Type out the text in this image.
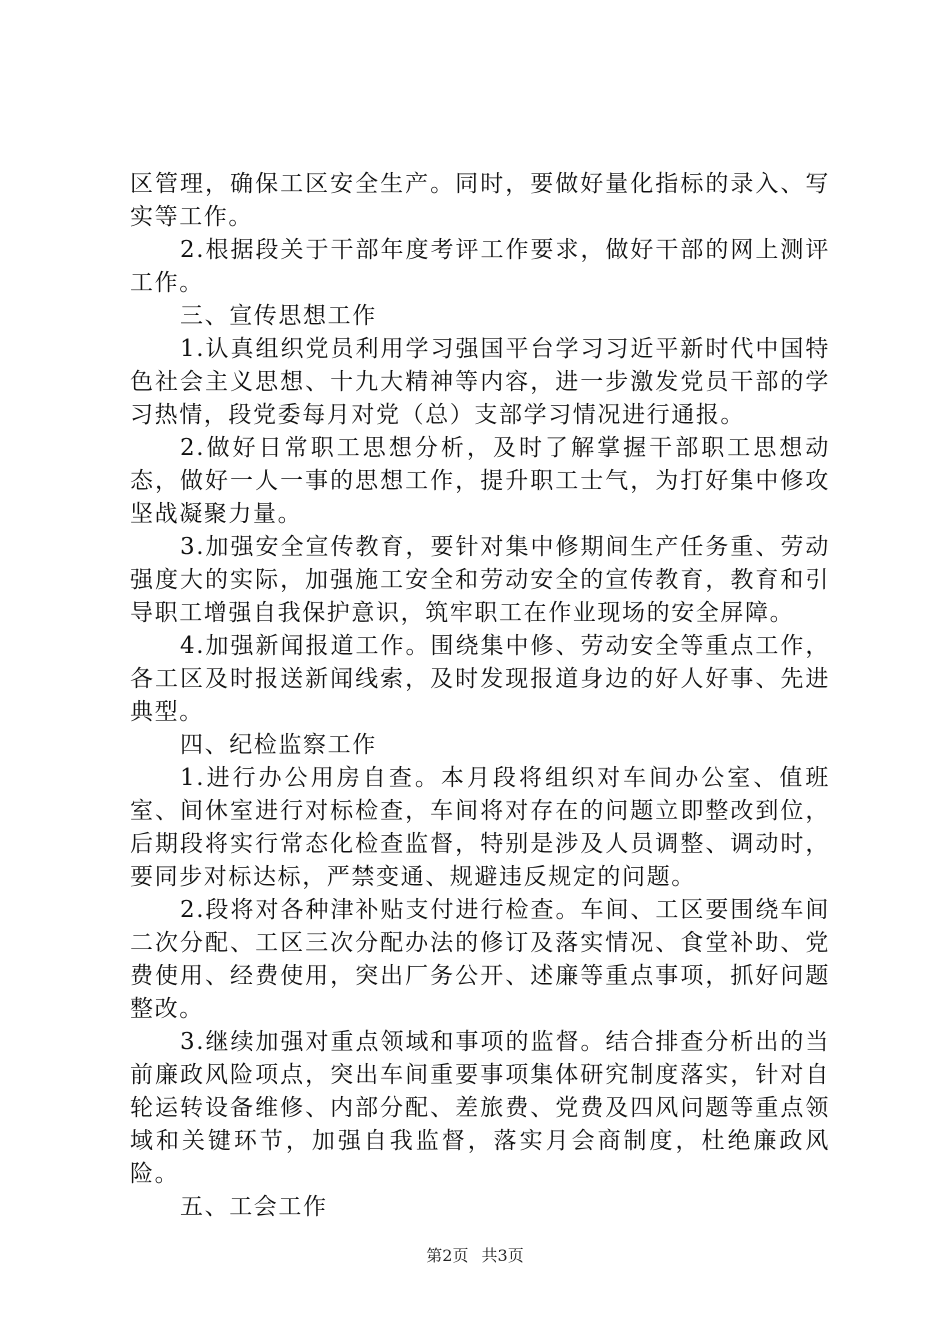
区管理，确保工区安全生产。同时，要做好量化指标的录入、写实等工作。

2.根据段关于干部年度考评工作要求，做好干部的网上测评工作。

三、宣传思想工作

1.认真组织党员利用学习强国平台学习习近平新时代中国特色社会主义思想、十九大精神等内容，进一步激发党员干部的学习热情，段党委每月对党（总）支部学习情况进行通报。

2.做好日常职工思想分析，及时了解掌握干部职工思想动态，做好一人一事的思想工作，提升职工士气，为打好集中修攻坚战凝聚力量。

3.加强安全宣传教育，要针对集中修期间生产任务重、劳动强度大的实际，加强施工安全和劳动安全的宣传教育，教育和引导职工增强自我保护意识，筑牢职工在作业现场的安全屏障。

4.加强新闻报道工作。围绕集中修、劳动安全等重点工作，各工区及时报送新闻线索，及时发现报道身边的好人好事、先进典型。

四、纪检监察工作

1.进行办公用房自查。本月段将组织对车间办公室、值班室、间休室进行对标检查，车间将对存在的问题立即整改到位，后期段将实行常态化检查监督，特别是涉及人员调整、调动时，要同步对标达标，严禁变通、规避违反规定的问题。

2.段将对各种津补贴支付进行检查。车间、工区要围绕车间二次分配、工区三次分配办法的修订及落实情况、食堂补助、党费使用、经费使用，突出厂务公开、述廉等重点事项，抓好问题整改。

3.继续加强对重点领域和事项的监督。结合排查分析出的当前廉政风险项点，突出车间重要事项集体研究制度落实，针对自轮运转设备维修、内部分配、差旅费、党费及四风问题等重点领域和关键环节，加强自我监督，落实月会商制度，杜绝廉政风险。

五、工会工作

第2页 共3页
